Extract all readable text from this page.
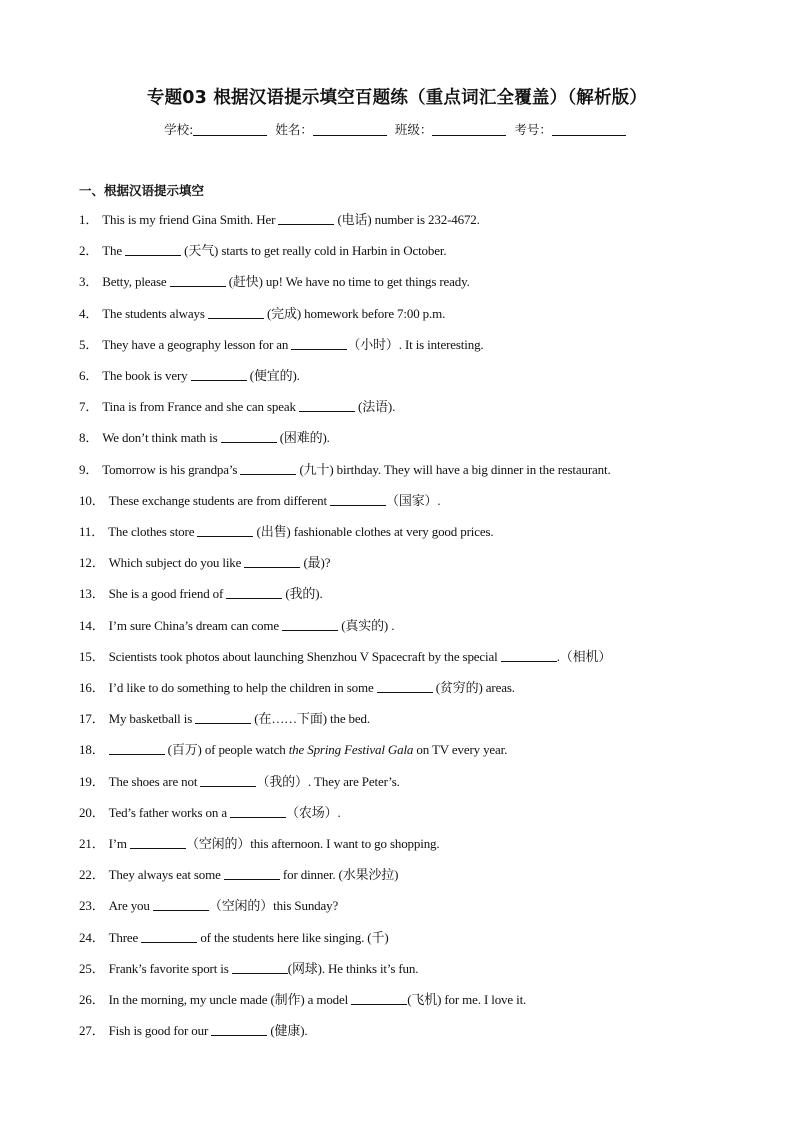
专题03 根据汉语提示填空百题练（重点词汇全覆盖）（解析版）
学校:	姓名：	班级：	考号：
一、根据汉语提示填空
1． This is my friend Gina Smith. Her	(电话) number is 232-4672.
2． The	(天气) starts to get really cold in Harbin in October.
3． Betty, please	(赶快) up! We have no time to get things ready.
4． The students always	(完成) homework before 7:00 p.m.
5． They have a geography lesson for an	（小时）. It is interesting.
6． The book is very	(便宜的).
7． Tina is from France and she can speak	(法语).
8． We don’t think math is	(困难的).
9． Tomorrow is his grandpa’s	(九十) birthday. They will have a big dinner in the restaurant.
10． These exchange students are from different	（国家）.
11． The clothes store	(出售) fashionable clothes at very good prices.
12． Which subject do you like	(最)?
13． She is a good friend of	(我的).
14． I’m sure China’s dream can come	(真实的) .
15． Scientists took photos about launching Shenzhou V Spacecraft by the special	.（相机）
16． I’d like to do something to help the children in some	(贫穷的) areas.
17． My basketball is	(在……下面) the bed.
18．	(百万) of people watch the Spring Festival Gala on TV every year.
19． The shoes are not	（我的）. They are Peter’s.
20． Ted’s father works on a	（农场）.
21． I’m	（空闲的）this afternoon. I want to go shopping.
22． They always eat some	for dinner. (水果沙拉)
23． Are you	（空闲的）this Sunday?
24． Three	of the students here like singing. (千)
25． Frank’s favorite sport is	(网球). He thinks it’s fun.
26． In the morning, my uncle made (制作) a model	(飞机) for me. I love it.
27． Fish is good for our	(健康).
